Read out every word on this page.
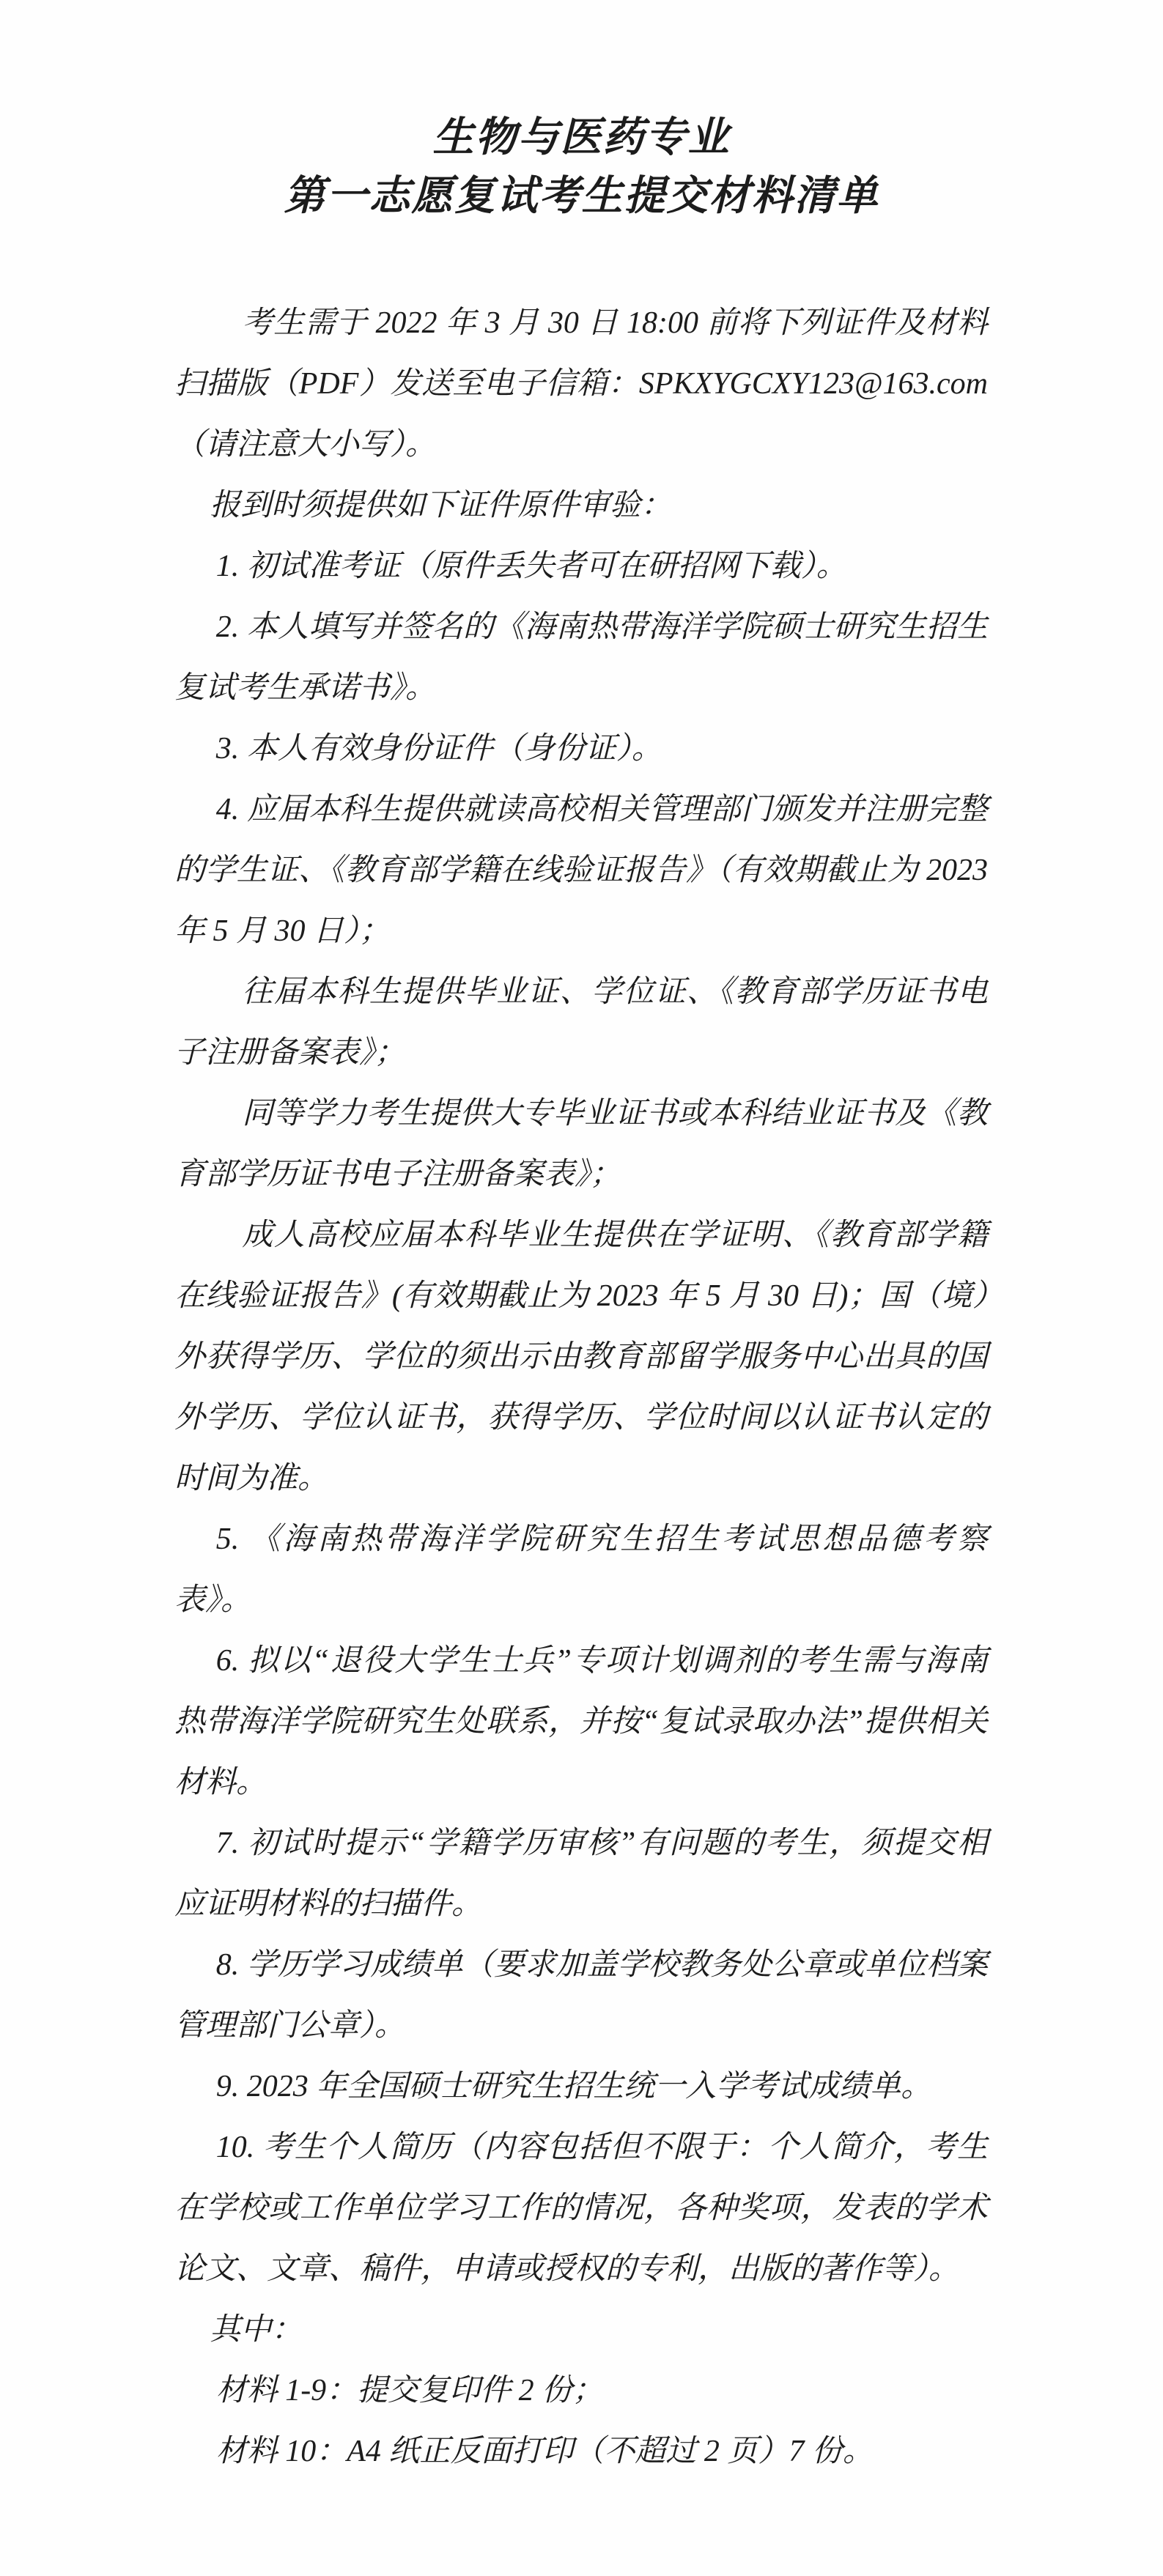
生物与医药专业
第一志愿复试考生提交材料清单

考生需于 2022 年 3 月 30 日 18:00 前将下列证件及材料扫描版（PDF）发送至电子信箱：SPKXYGCXY123@163.com（请注意大小写）。

报到时须提供如下证件原件审验：

1. 初试准考证（原件丢失者可在研招网下载）。

2. 本人填写并签名的《海南热带海洋学院硕士研究生招生复试考生承诺书》。

3. 本人有效身份证件（身份证）。

4. 应届本科生提供就读高校相关管理部门颁发并注册完整的学生证、《教育部学籍在线验证报告》（有效期截止为 2023 年 5 月 30 日）；

往届本科生提供毕业证、学位证、《教育部学历证书电子注册备案表》；

同等学力考生提供大专毕业证书或本科结业证书及《教育部学历证书电子注册备案表》；

成人高校应届本科毕业生提供在学证明、《教育部学籍在线验证报告》(有效期截止为 2023 年 5 月 30 日)；国（境）外获得学历、学位的须出示由教育部留学服务中心出具的国外学历、学位认证书，获得学历、学位时间以认证书认定的时间为准。

5. 《海南热带海洋学院研究生招生考试思想品德考察表》。

6. 拟以“退役大学生士兵”专项计划调剂的考生需与海南热带海洋学院研究生处联系，并按“复试录取办法”提供相关材料。

7. 初试时提示“学籍学历审核”有问题的考生，须提交相应证明材料的扫描件。

8. 学历学习成绩单（要求加盖学校教务处公章或单位档案管理部门公章）。

9. 2023 年全国硕士研究生招生统一入学考试成绩单。

10. 考生个人简历（内容包括但不限于：个人简介，考生在学校或工作单位学习工作的情况，各种奖项，发表的学术论文、文章、稿件，申请或授权的专利，出版的著作等）。

其中：

材料 1-9：提交复印件 2 份；

材料 10：A4 纸正反面打印（不超过 2 页）7 份。
